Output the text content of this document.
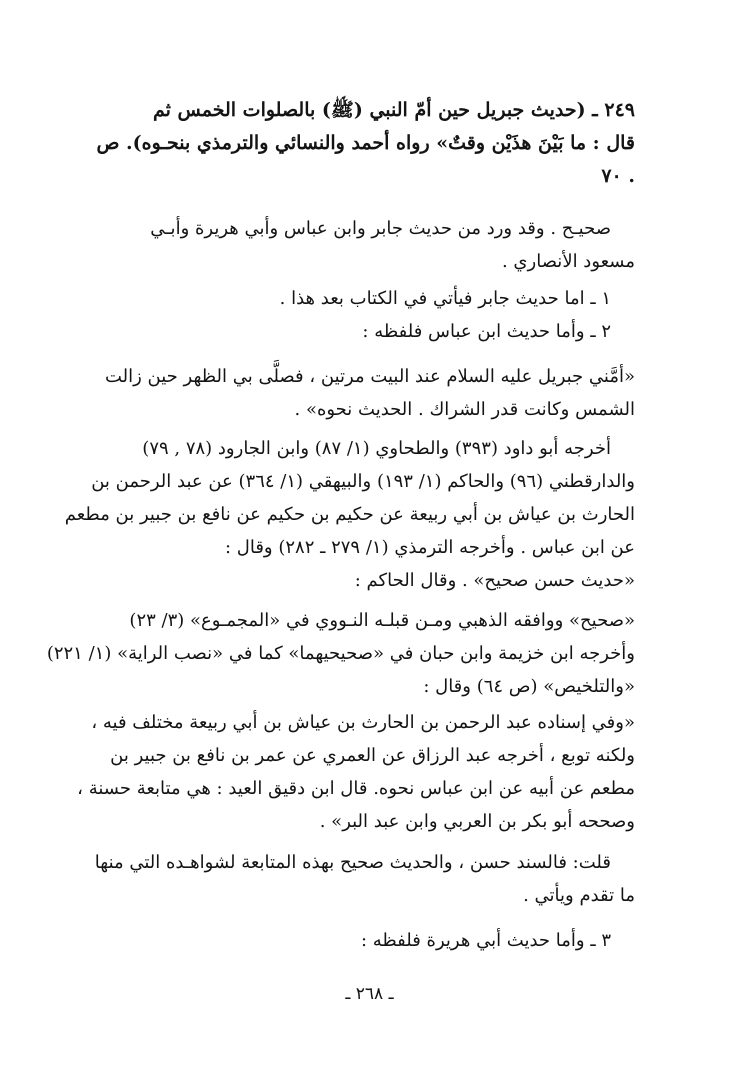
٢٤٩ ـ (حديث جبريل حين أمّ النبي (ﷺ) بالصلوات الخمس ثم
قال : ما بَيْنَ هذَيْن وقتٌ» رواه أحمد والنسائي والترمذي بنحـوه). ص
. ٧٠
صحيـح . وقد ورد من حديث جابر وابن عباس وأبي هريرة وأبـي
مسعود الأنصاري .
١ ـ اما حديث جابر فيأتي في الكتاب بعد هذا .
٢ ـ وأما حديث ابن عباس فلفظه :
«أمَّني جبريل عليه السلام عند البيت مرتين ، فصلَّى بي الظهر حين زالت
الشمس وكانت قدر الشراك . الحديث نحوه» .
أخرجه أبو داود (٣٩٣) والطحاوي (١/ ٨٧) وابن الجارود (٧٨ , ٧٩)
والدارقطني (٩٦) والحاكم (١/ ١٩٣) والبيهقي (١/ ٣٦٤) عن عبد الرحمن بن
الحارث بن عياش بن أبي ربيعة عن حكيم بن حكيم عن نافع بن جبير بن مطعم
عن ابن عباس . وأخرجه الترمذي (١/ ٢٧٩ ـ ٢٨٢) وقال :
«حديث حسن صحيح» . وقال الحاكم :
«صحيح» ووافقه الذهبي ومـن قبلـه النـووي في «المجمـوع» (٣/ ٢٣)
وأخرجه ابن خزيمة وابن حبان في «صحيحيهما» كما في «نصب الراية» (١/ ٢٢١)
«والتلخيص» (ص ٦٤) وقال :
«وفي إسناده عبد الرحمن بن الحارث بن عياش بن أبي ربيعة مختلف فيه ،
ولكنه توبع ، أخرجه عبد الرزاق عن العمري عن عمر بن نافع بن جبير بن
مطعم عن أبيه عن ابن عباس نحوه. قال ابن دقيق العيد : هي متابعة حسنة ،
وصححه أبو بكر بن العربي وابن عبد البر» .
قلت: فالسند حسن ، والحديث صحيح بهذه المتابعة لشواهـده التي منها
ما تقدم ويأتي .
٣ ـ وأما حديث أبي هريرة فلفظه :
ـ ٢٦٨ ـ
